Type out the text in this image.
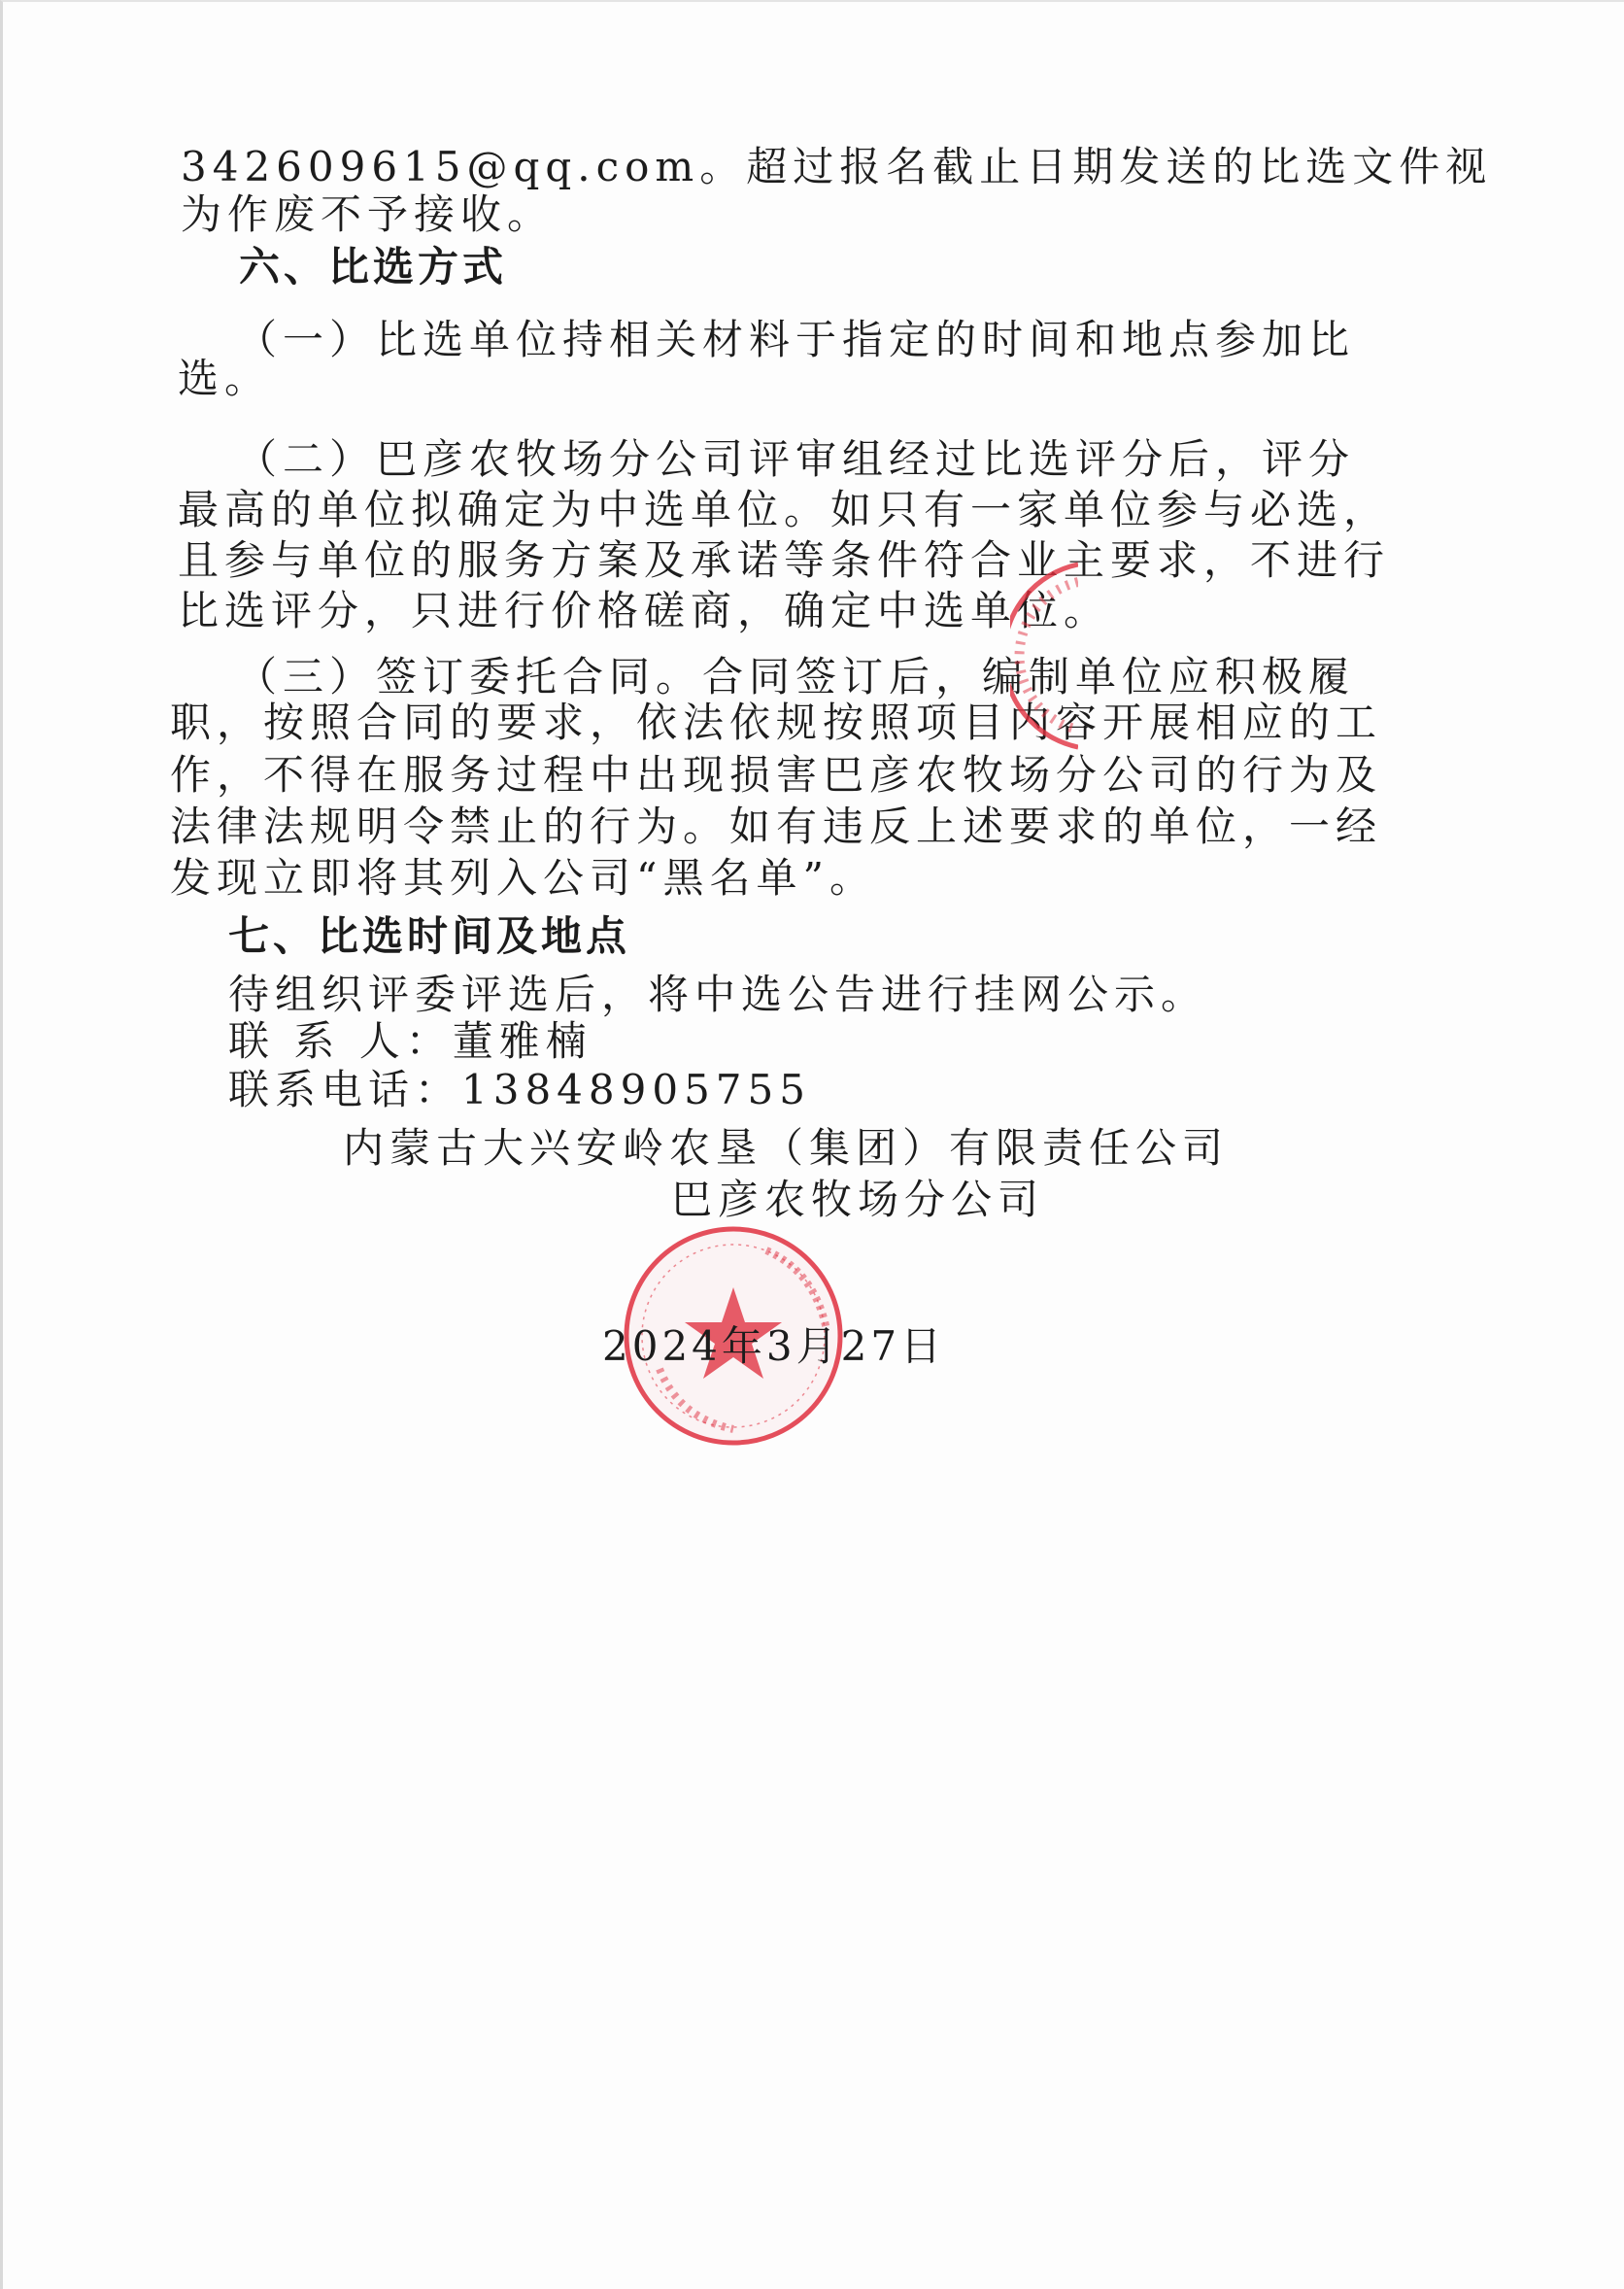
342609615@qq.com。超过报名截止日期发送的比选文件视
为作废不予接收。
六、比选方式
（一）比选单位持相关材料于指定的时间和地点参加比
选。
（二）巴彦农牧场分公司评审组经过比选评分后，评分
最高的单位拟确定为中选单位。如只有一家单位参与必选，
且参与单位的服务方案及承诺等条件符合业主要求，不进行
比选评分，只进行价格磋商，确定中选单位。
（三）签订委托合同。合同签订后，编制单位应积极履
职，按照合同的要求，依法依规按照项目内容开展相应的工
作，不得在服务过程中出现损害巴彦农牧场分公司的行为及
法律法规明令禁止的行为。如有违反上述要求的单位，一经
发现立即将其列入公司“黑名单”。
七、比选时间及地点
待组织评委评选后，将中选公告进行挂网公示。
联 系 人：董雅楠
联系电话：13848905755
内蒙古大兴安岭农垦（集团）有限责任公司
巴彦农牧场分公司
2024年3月27日
